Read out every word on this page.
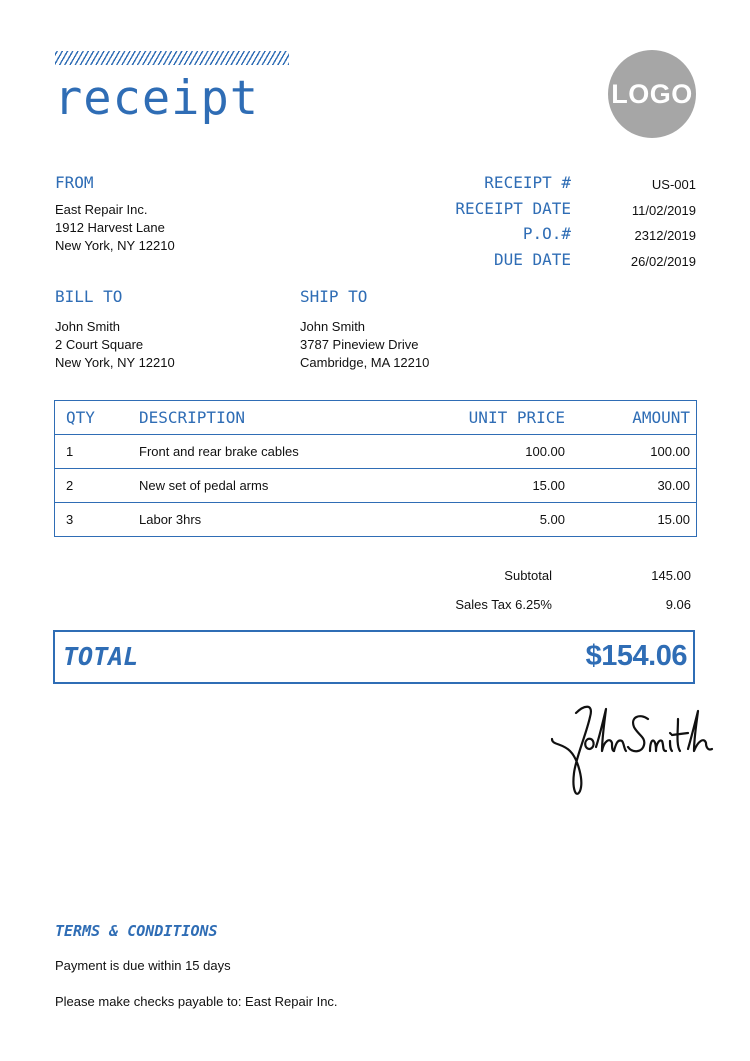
receipt	LOGO
FROM
East Repair Inc.
1912 Harvest Lane
New York, NY 12210
RECEIPT #	US-001
RECEIPT DATE	11/02/2019
P.O.#	2312/2019
DUE DATE	26/02/2019
BILL TO
John Smith
2 Court Square
New York, NY 12210
SHIP TO
John Smith
3787 Pineview Drive
Cambridge, MA 12210
QTY	DESCRIPTION	UNIT PRICE	AMOUNT
1	Front and rear brake cables	100.00	100.00
2	New set of pedal arms	15.00	30.00
3	Labor 3hrs	5.00	15.00
Subtotal	145.00
Sales Tax 6.25%	9.06
TOTAL	$154.06
TERMS & CONDITIONS
Payment is due within 15 days
Please make checks payable to: East Repair Inc.
